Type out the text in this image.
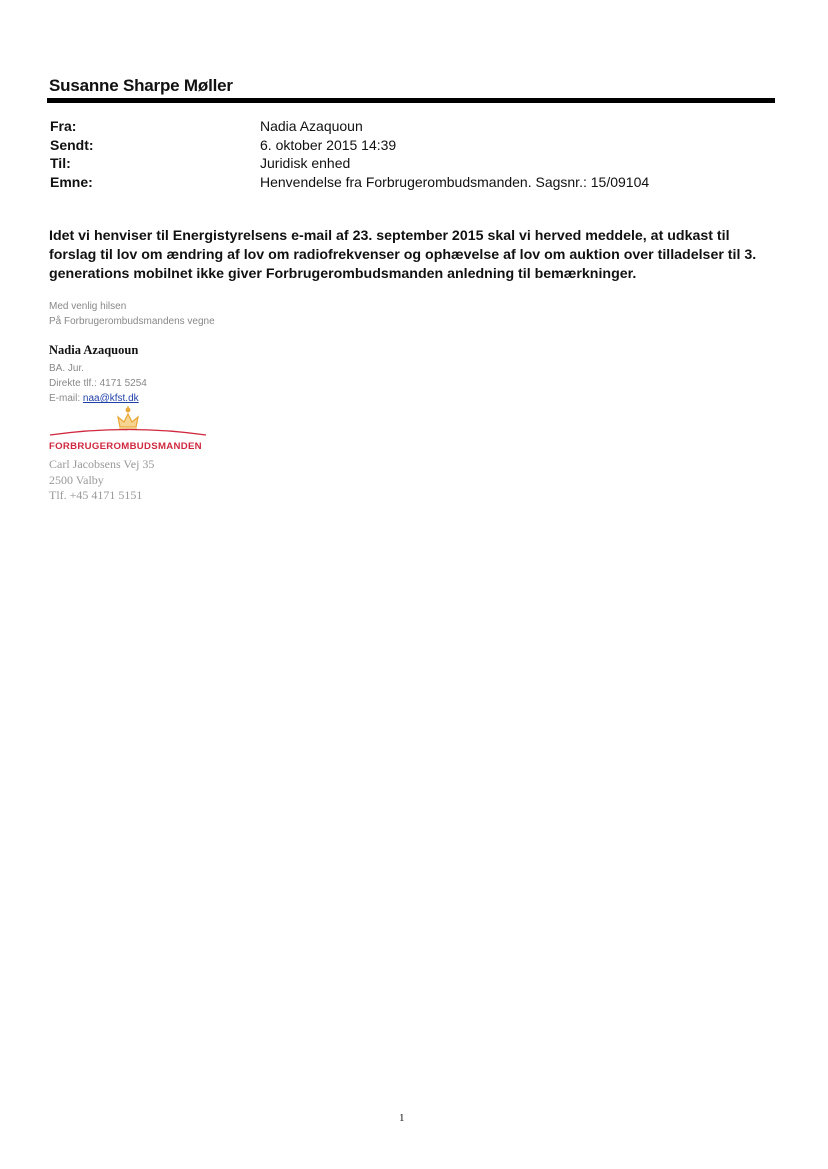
Susanne Sharpe Møller
Fra:	Nadia Azaquoun
Sendt:	6. oktober 2015 14:39
Til:	Juridisk enhed
Emne:	Henvendelse fra Forbrugerombudsmanden. Sagsnr.: 15/09104
Idet vi henviser til Energistyrelsens e-mail af 23. september 2015 skal vi herved meddele, at udkast til forslag til lov om ændring af lov om radiofrekvenser og ophævelse af lov om auktion over tilladelser til 3. generations mobilnet ikke giver Forbrugerombudsmanden anledning til bemærkninger.
Med venlig hilsen
På Forbrugerombudsmandens vegne
Nadia Azaquoun
BA. Jur.
Direkte tlf.: 4171 5254
E-mail: naa@kfst.dk
FORBRUGEROMBUDSMANDEN
Carl Jacobsens Vej 35
2500 Valby
Tlf. +45 4171 5151
1
